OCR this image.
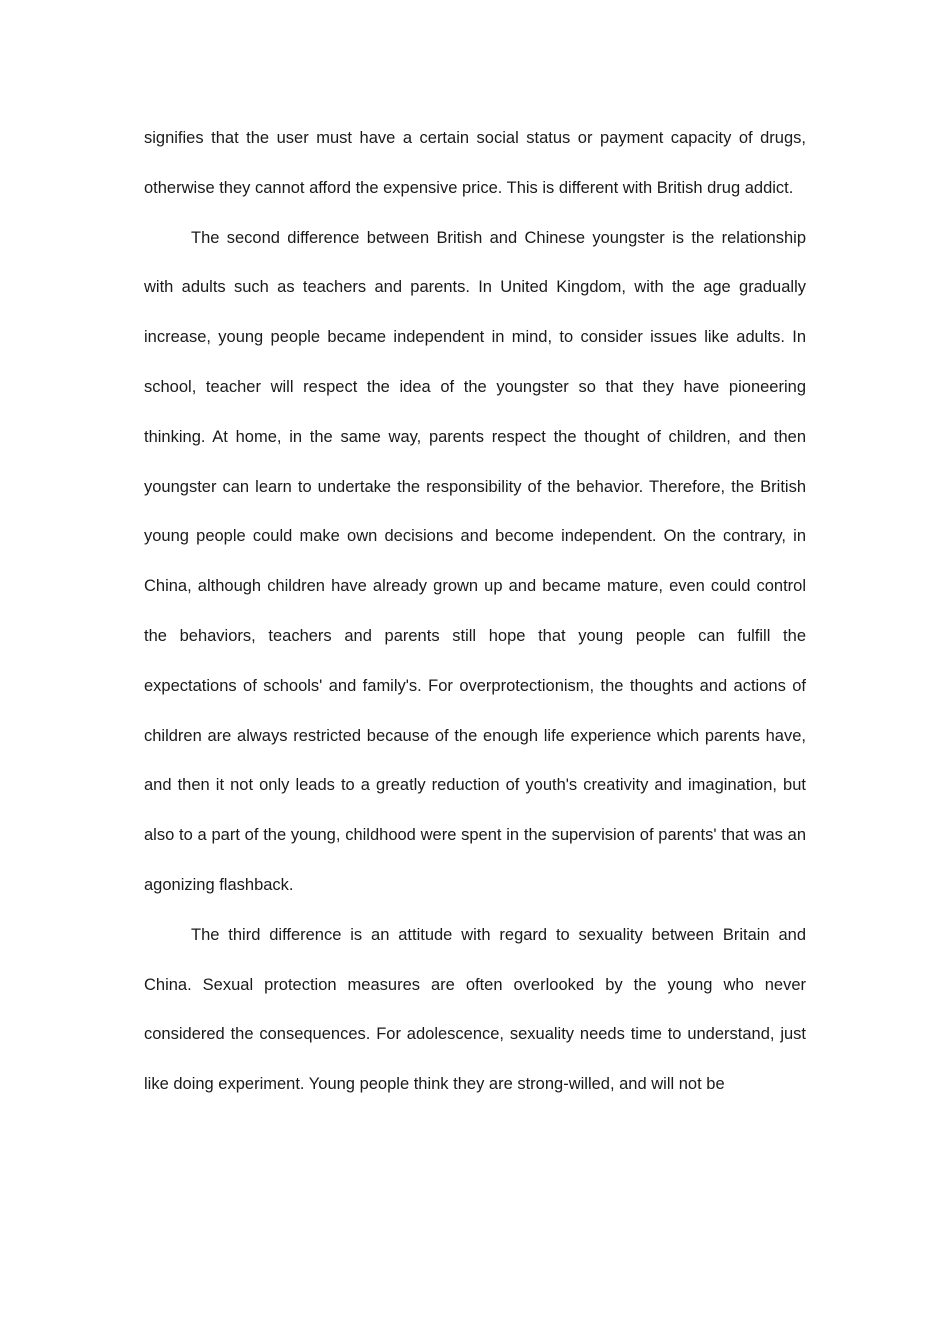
signifies that the user must have a certain social status or payment capacity of drugs, otherwise they cannot afford the expensive price. This is different with British drug addict.

The second difference between British and Chinese youngster is the relationship with adults such as teachers and parents. In United Kingdom, with the age gradually increase, young people became independent in mind, to consider issues like adults. In school, teacher will respect the idea of the youngster so that they have pioneering thinking. At home, in the same way, parents respect the thought of children, and then youngster can learn to undertake the responsibility of the behavior. Therefore, the British young people could make own decisions and become independent. On the contrary, in China, although children have already grown up and became mature, even could control the behaviors, teachers and parents still hope that young people can fulfill the expectations of schools' and family's. For overprotectionism, the thoughts and actions of children are always restricted because of the enough life experience which parents have, and then it not only leads to a greatly reduction of youth's creativity and imagination, but also to a part of the young, childhood were spent in the supervision of parents' that was an agonizing flashback.

The third difference is an attitude with regard to sexuality between Britain and China. Sexual protection measures are often overlooked by the young who never considered the consequences. For adolescence, sexuality needs time to understand, just like doing experiment. Young people think they are strong-willed, and will not be
